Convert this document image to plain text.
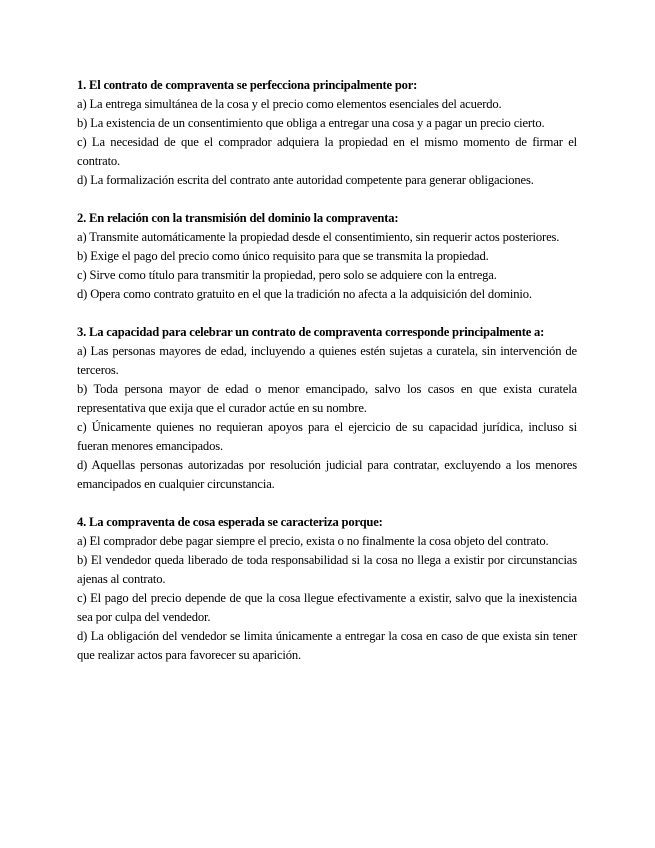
1. El contrato de compraventa se perfecciona principalmente por:
a) La entrega simultánea de la cosa y el precio como elementos esenciales del acuerdo.
b) La existencia de un consentimiento que obliga a entregar una cosa y a pagar un precio cierto.
c) La necesidad de que el comprador adquiera la propiedad en el mismo momento de firmar el contrato.
d) La formalización escrita del contrato ante autoridad competente para generar obligaciones.
2. En relación con la transmisión del dominio la compraventa:
a) Transmite automáticamente la propiedad desde el consentimiento, sin requerir actos posteriores.
b) Exige el pago del precio como único requisito para que se transmita la propiedad.
c) Sirve como título para transmitir la propiedad, pero solo se adquiere con la entrega.
d) Opera como contrato gratuito en el que la tradición no afecta a la adquisición del dominio.
3. La capacidad para celebrar un contrato de compraventa corresponde principalmente a:
a) Las personas mayores de edad, incluyendo a quienes estén sujetas a curatela, sin intervención de terceros.
b) Toda persona mayor de edad o menor emancipado, salvo los casos en que exista curatela representativa que exija que el curador actúe en su nombre.
c) Únicamente quienes no requieran apoyos para el ejercicio de su capacidad jurídica, incluso si fueran menores emancipados.
d) Aquellas personas autorizadas por resolución judicial para contratar, excluyendo a los menores emancipados en cualquier circunstancia.
4. La compraventa de cosa esperada se caracteriza porque:
a) El comprador debe pagar siempre el precio, exista o no finalmente la cosa objeto del contrato.
b) El vendedor queda liberado de toda responsabilidad si la cosa no llega a existir por circunstancias ajenas al contrato.
c) El pago del precio depende de que la cosa llegue efectivamente a existir, salvo que la inexistencia sea por culpa del vendedor.
d) La obligación del vendedor se limita únicamente a entregar la cosa en caso de que exista sin tener que realizar actos para favorecer su aparición.
